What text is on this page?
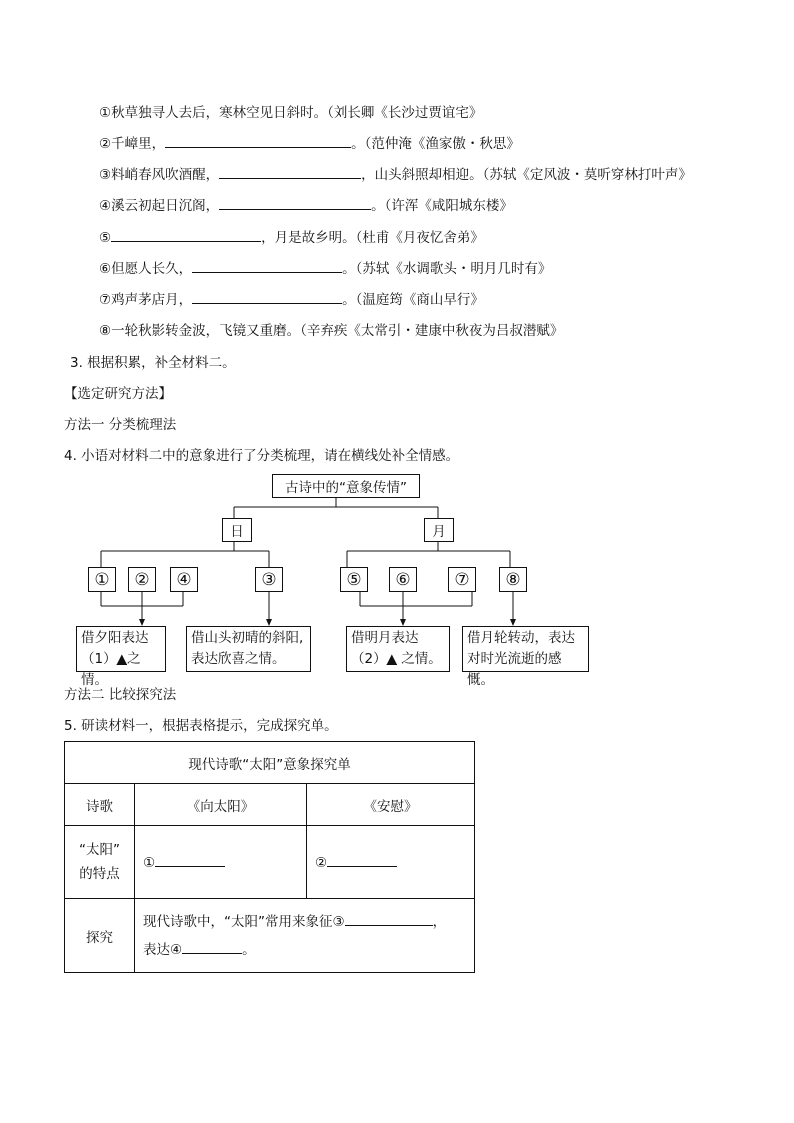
①秋草独寻人去后，寒林空见日斜时。（刘长卿《长沙过贾谊宅》
②千嶂里，	。（范仲淹《渔家傲・秋思》
③料峭春风吹酒醒，	，山头斜照却相迎。（苏轼《定风波・莫听穿林打叶声》
④溪云初起日沉阁，	。（许浑《咸阳城东楼》
⑤	，月是故乡明。（杜甫《月夜忆舍弟》
⑥但愿人长久，	。（苏轼《水调歌头・明月几时有》
⑦鸡声茅店月，	。（温庭筠《商山早行》
⑧一轮秋影转金波，飞镜又重磨。（辛弃疾《太常引・建康中秋夜为吕叔潜赋》
3. 根据积累，补全材料二。
【选定研究方法】
方法一 分类梳理法
4. 小语对材料二中的意象进行了分类梳理，请在横线处补全情感。
古诗中的“意象传情”
日	月
①	②	④	③	⑤	⑥	⑦	⑧
借夕阳表达
（1）▲之情。
借山头初晴的斜阳,
表达欣喜之情。
借明月表达
（2）▲ 之情。
借月轮转动，表达
对时光流逝的感慨。
方法二 比较探究法
5. 研读材料一，根据表格提示，完成探究单。
现代诗歌“太阳”意象探究单		
诗歌	《向太阳》	《安慰》

“太阳”
的特点	①	②
探究	现代诗歌中，“太阳”常用来象征③ ，
表达④ 。	
